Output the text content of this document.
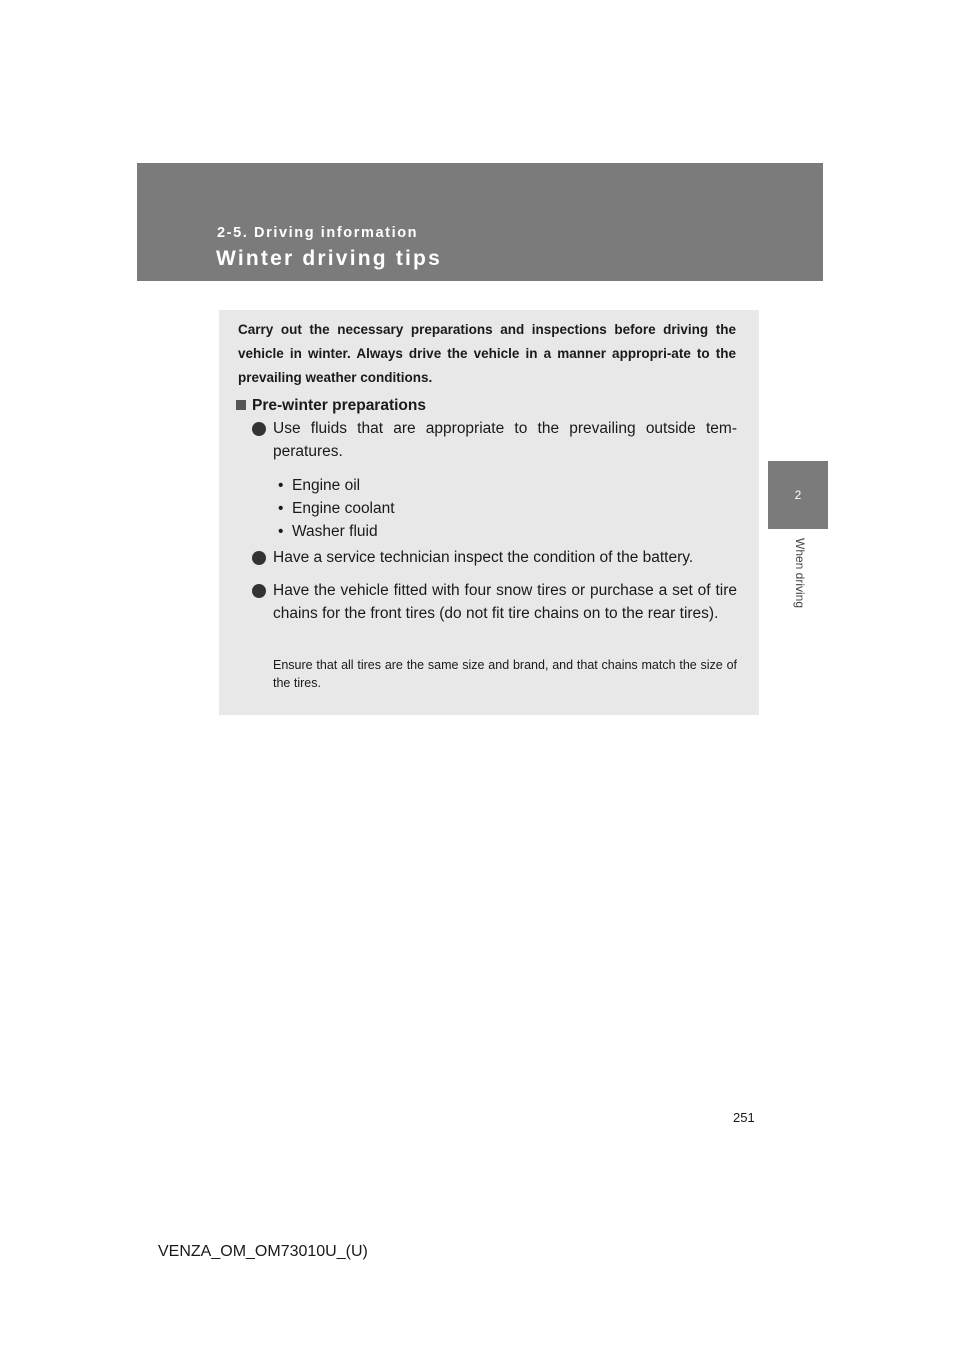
2-5. Driving information
Winter driving tips
2
When driving

Carry out the necessary preparations and inspections before driving the vehicle in winter. Always drive the vehicle in a manner appropri-ate to the prevailing weather conditions.

Pre-winter preparations

Use fluids that are appropriate to the prevailing outside tem-peratures.

• Engine oil
• Engine coolant
• Washer fluid

Have a service technician inspect the condition of the battery.

Have the vehicle fitted with four snow tires or purchase a set of tire chains for the front tires (do not fit tire chains on to the rear tires).

Ensure that all tires are the same size and brand, and that chains match the size of the tires.

251
VENZA_OM_OM73010U_(U)
